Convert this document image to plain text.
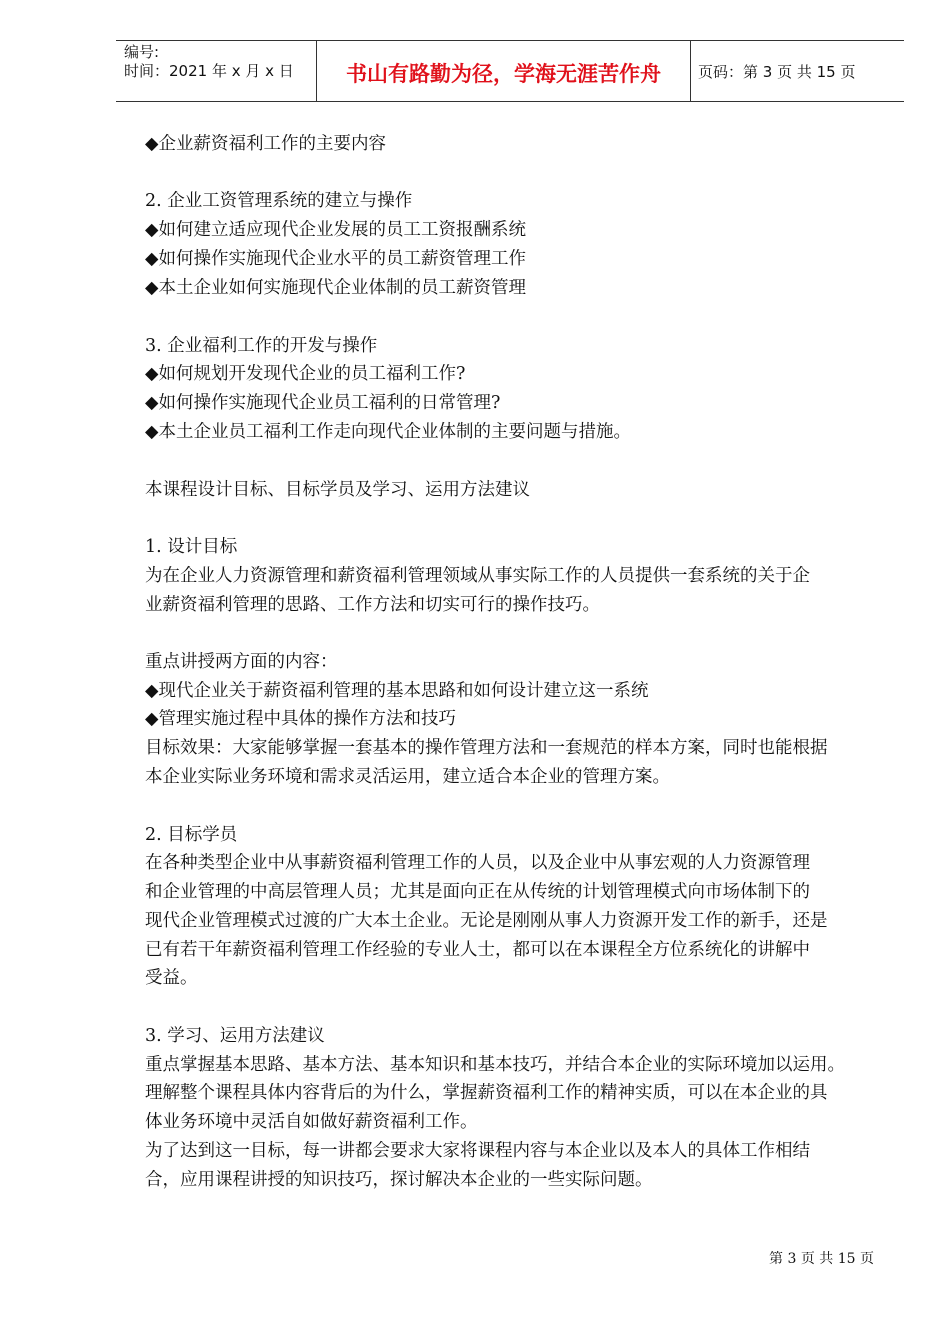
编号:
时间：2021 年 x 月 x 日	书山有路勤为径，学海无涯苦作舟	页码：第 3 页 共 15 页
◆企业薪资福利工作的主要内容
2. 企业工资管理系统的建立与操作
◆如何建立适应现代企业发展的员工工资报酬系统
◆如何操作实施现代企业水平的员工薪资管理工作
◆本土企业如何实施现代企业体制的员工薪资管理
3. 企业福利工作的开发与操作
◆如何规划开发现代企业的员工福利工作?
◆如何操作实施现代企业员工福利的日常管理?
◆本土企业员工福利工作走向现代企业体制的主要问题与措施。
本课程设计目标、目标学员及学习、运用方法建议
1. 设计目标
为在企业人力资源管理和薪资福利管理领域从事实际工作的人员提供一套系统的关于企
业薪资福利管理的思路、工作方法和切实可行的操作技巧。
重点讲授两方面的内容：
◆现代企业关于薪资福利管理的基本思路和如何设计建立这一系统
◆管理实施过程中具体的操作方法和技巧
目标效果：大家能够掌握一套基本的操作管理方法和一套规范的样本方案，同时也能根据
本企业实际业务环境和需求灵活运用，建立适合本企业的管理方案。
2. 目标学员
在各种类型企业中从事薪资福利管理工作的人员，以及企业中从事宏观的人力资源管理
和企业管理的中高层管理人员；尤其是面向正在从传统的计划管理模式向市场体制下的
现代企业管理模式过渡的广大本土企业。无论是刚刚从事人力资源开发工作的新手，还是
已有若干年薪资福利管理工作经验的专业人士，都可以在本课程全方位系统化的讲解中
受益。
3. 学习、运用方法建议
重点掌握基本思路、基本方法、基本知识和基本技巧，并结合本企业的实际环境加以运用。
理解整个课程具体内容背后的为什么，掌握薪资福利工作的精神实质，可以在本企业的具
体业务环境中灵活自如做好薪资福利工作。
为了达到这一目标，每一讲都会要求大家将课程内容与本企业以及本人的具体工作相结
合，应用课程讲授的知识技巧，探讨解决本企业的一些实际问题。
第 3 页 共 15 页
